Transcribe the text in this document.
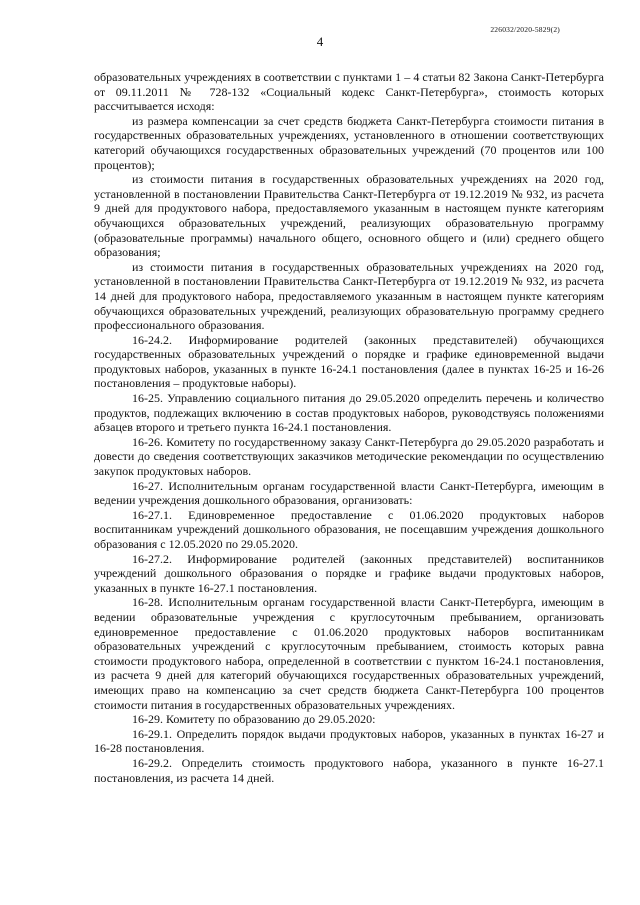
226032/2020-5829(2)
4

образовательных учреждениях в соответствии с пунктами 1 – 4 статьи 82 Закона Санкт-Петербурга от 09.11.2011 № 728-132 «Социальный кодекс Санкт-Петербурга», стоимость которых рассчитывается исходя:

из размера компенсации за счет средств бюджета Санкт-Петербурга стоимости питания в государственных образовательных учреждениях, установленного в отношении соответствующих категорий обучающихся государственных образовательных учреждений (70 процентов или 100 процентов);

из стоимости питания в государственных образовательных учреждениях на 2020 год, установленной в постановлении Правительства Санкт-Петербурга от 19.12.2019 № 932, из расчета 9 дней для продуктового набора, предоставляемого указанным в настоящем пункте категориям обучающихся образовательных учреждений, реализующих образовательную программу (образовательные программы) начального общего, основного общего и (или) среднего общего образования;

из стоимости питания в государственных образовательных учреждениях на 2020 год, установленной в постановлении Правительства Санкт-Петербурга от 19.12.2019 № 932, из расчета 14 дней для продуктового набора, предоставляемого указанным в настоящем пункте категориям обучающихся образовательных учреждений, реализующих образовательную программу среднего профессионального образования.

16-24.2. Информирование родителей (законных представителей) обучающихся государственных образовательных учреждений о порядке и графике единовременной выдачи продуктовых наборов, указанных в пункте 16-24.1 постановления (далее в пунктах 16-25 и 16-26 постановления – продуктовые наборы).

16-25. Управлению социального питания до 29.05.2020 определить перечень и количество продуктов, подлежащих включению в состав продуктовых наборов, руководствуясь положениями абзацев второго и третьего пункта 16-24.1 постановления.

16-26. Комитету по государственному заказу Санкт-Петербурга до 29.05.2020 разработать и довести до сведения соответствующих заказчиков методические рекомендации по осуществлению закупок продуктовых наборов.

16-27. Исполнительным органам государственной власти Санкт-Петербурга, имеющим в ведении учреждения дошкольного образования, организовать:

16-27.1. Единовременное предоставление с 01.06.2020 продуктовых наборов воспитанникам учреждений дошкольного образования, не посещавшим учреждения дошкольного образования с 12.05.2020 по 29.05.2020.

16-27.2. Информирование родителей (законных представителей) воспитанников учреждений дошкольного образования о порядке и графике выдачи продуктовых наборов, указанных в пункте 16-27.1 постановления.

16-28. Исполнительным органам государственной власти Санкт-Петербурга, имеющим в ведении образовательные учреждения с круглосуточным пребыванием, организовать единовременное предоставление с 01.06.2020 продуктовых наборов воспитанникам образовательных учреждений с круглосуточным пребыванием, стоимость которых равна стоимости продуктового набора, определенной в соответствии с пунктом 16-24.1 постановления, из расчета 9 дней для категорий обучающихся государственных образовательных учреждений, имеющих право на компенсацию за счет средств бюджета Санкт-Петербурга 100 процентов стоимости питания в государственных образовательных учреждениях.

16-29. Комитету по образованию до 29.05.2020:

16-29.1. Определить порядок выдачи продуктовых наборов, указанных в пунктах 16-27 и 16-28 постановления.

16-29.2. Определить стоимость продуктового набора, указанного в пункте 16-27.1 постановления, из расчета 14 дней.
